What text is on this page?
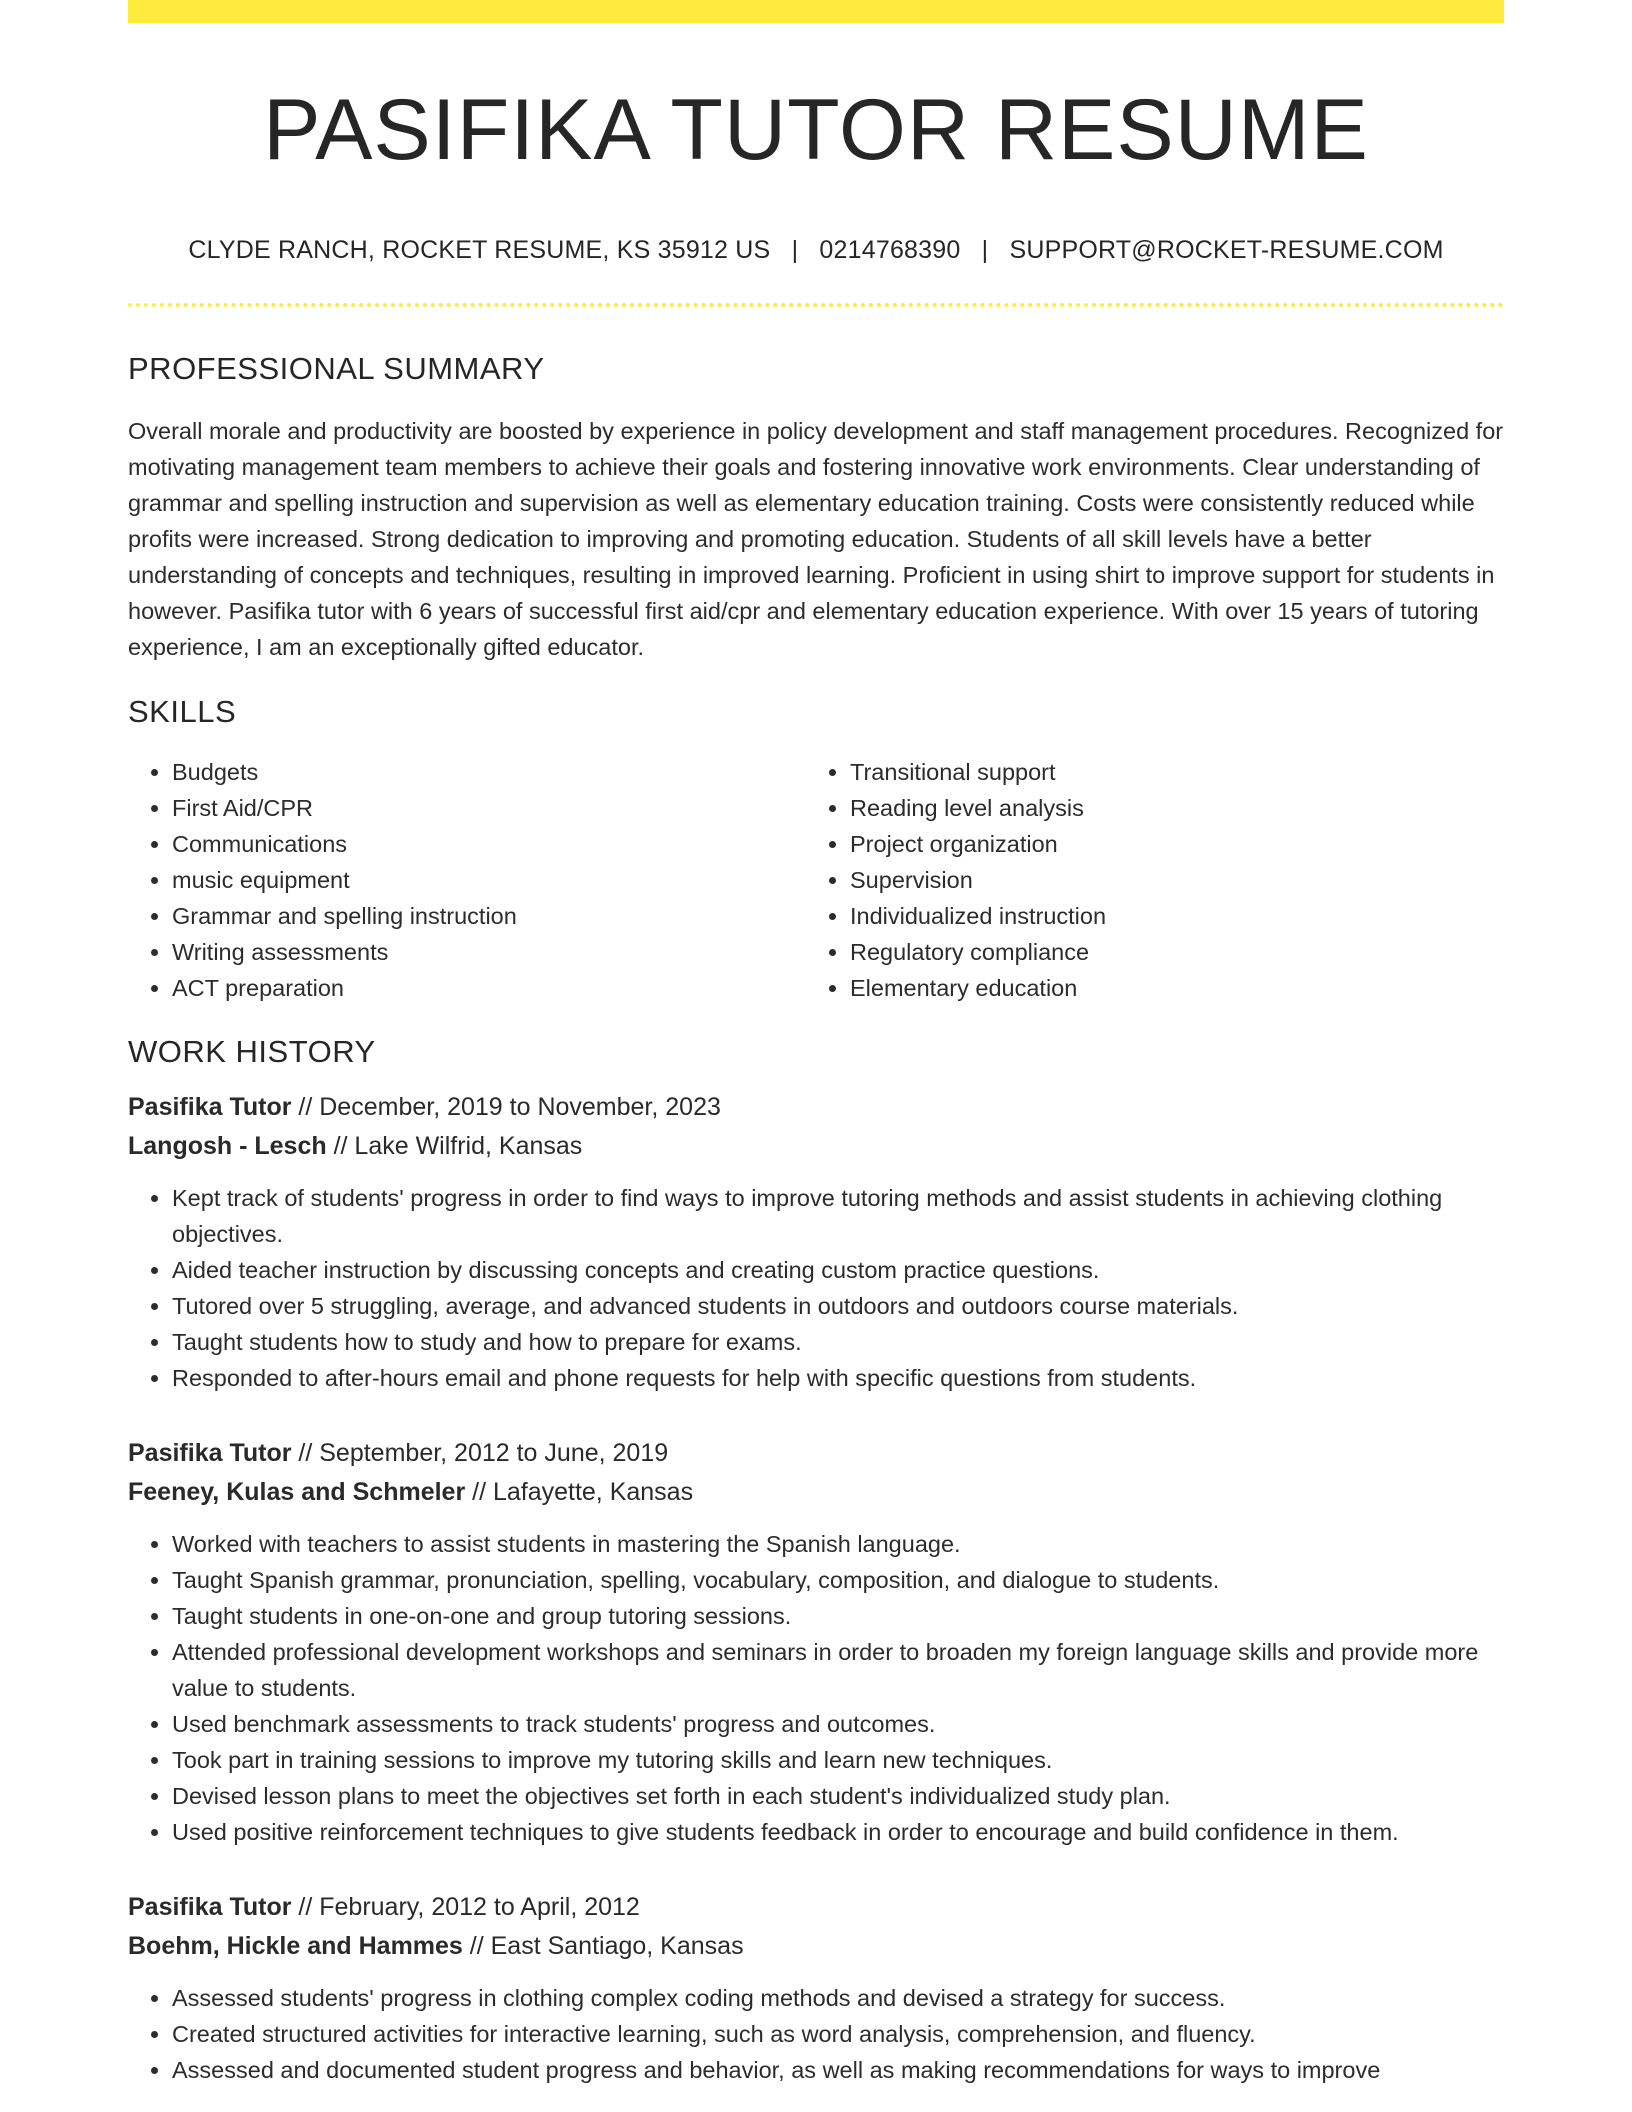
PASIFIKA TUTOR RESUME
CLYDE RANCH, ROCKET RESUME, KS 35912 US | 0214768390 | SUPPORT@ROCKET-RESUME.COM
PROFESSIONAL SUMMARY
Overall morale and productivity are boosted by experience in policy development and staff management procedures. Recognized for motivating management team members to achieve their goals and fostering innovative work environments. Clear understanding of grammar and spelling instruction and supervision as well as elementary education training. Costs were consistently reduced while profits were increased. Strong dedication to improving and promoting education. Students of all skill levels have a better understanding of concepts and techniques, resulting in improved learning. Proficient in using shirt to improve support for students in however. Pasifika tutor with 6 years of successful first aid/cpr and elementary education experience. With over 15 years of tutoring experience, I am an exceptionally gifted educator.
SKILLS
• Budgets
• First Aid/CPR
• Communications
• music equipment
• Grammar and spelling instruction
• Writing assessments
• ACT preparation
• Transitional support
• Reading level analysis
• Project organization
• Supervision
• Individualized instruction
• Regulatory compliance
• Elementary education
WORK HISTORY
Pasifika Tutor // December, 2019 to November, 2023
Langosh - Lesch // Lake Wilfrid, Kansas
• Kept track of students' progress in order to find ways to improve tutoring methods and assist students in achieving clothing objectives.
• Aided teacher instruction by discussing concepts and creating custom practice questions.
• Tutored over 5 struggling, average, and advanced students in outdoors and outdoors course materials.
• Taught students how to study and how to prepare for exams.
• Responded to after-hours email and phone requests for help with specific questions from students.
Pasifika Tutor // September, 2012 to June, 2019
Feeney, Kulas and Schmeler // Lafayette, Kansas
• Worked with teachers to assist students in mastering the Spanish language.
• Taught Spanish grammar, pronunciation, spelling, vocabulary, composition, and dialogue to students.
• Taught students in one-on-one and group tutoring sessions.
• Attended professional development workshops and seminars in order to broaden my foreign language skills and provide more value to students.
• Used benchmark assessments to track students' progress and outcomes.
• Took part in training sessions to improve my tutoring skills and learn new techniques.
• Devised lesson plans to meet the objectives set forth in each student's individualized study plan.
• Used positive reinforcement techniques to give students feedback in order to encourage and build confidence in them.
Pasifika Tutor // February, 2012 to April, 2012
Boehm, Hickle and Hammes // East Santiago, Kansas
• Assessed students' progress in clothing complex coding methods and devised a strategy for success.
• Created structured activities for interactive learning, such as word analysis, comprehension, and fluency.
• Assessed and documented student progress and behavior, as well as making recommendations for ways to improve
